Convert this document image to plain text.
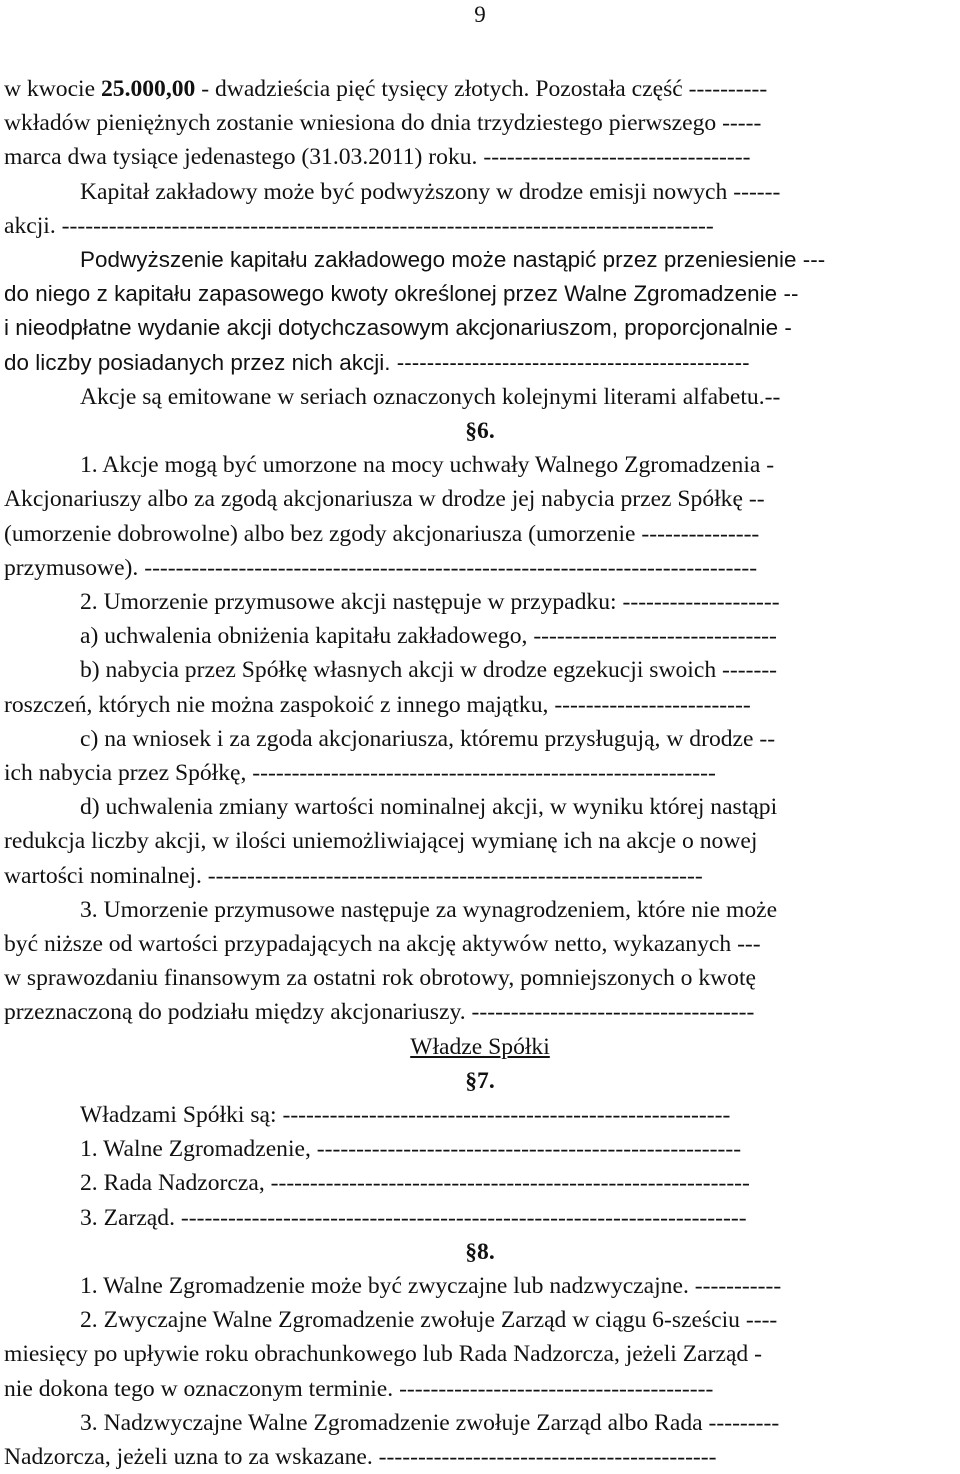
9
w kwocie 25.000,00 - dwadzieścia pięć tysięcy złotych. Pozostała część ----------
wkładów pieniężnych zostanie wniesiona do dnia trzydziestego pierwszego -----
marca dwa tysiące jedenastego (31.03.2011) roku. ----------------------------------
Kapitał zakładowy może być podwyższony w drodze emisji nowych ------
akcji. -----------------------------------------------------------------------------------
Podwyższenie kapitału zakładowego może nastąpić przez przeniesienie ---
do niego z kapitału zapasowego kwoty określonej przez Walne Zgromadzenie --
i nieodpłatne wydanie akcji dotychczasowym akcjonariuszom, proporcjonalnie -
do liczby posiadanych przez nich akcji. -----------------------------------------------
Akcje są emitowane w seriach oznaczonych kolejnymi literami alfabetu.--
§6.
1. Akcje mogą być umorzone na mocy uchwały Walnego Zgromadzenia -
Akcjonariuszy albo za zgodą akcjonariusza w drodze jej nabycia przez Spółkę --
(umorzenie dobrowolne) albo bez zgody akcjonariusza (umorzenie ---------------
przymusowe). ------------------------------------------------------------------------------
2. Umorzenie przymusowe akcji następuje w przypadku: --------------------
a) uchwalenia obniżenia kapitału zakładowego, -------------------------------
b) nabycia przez Spółkę własnych akcji w drodze egzekucji swoich -------
roszczeń, których nie można zaspokoić z innego majątku, -------------------------
c) na wniosek i za zgoda akcjonariusza, któremu przysługują, w drodze --
ich nabycia przez Spółkę, -----------------------------------------------------------
d) uchwalenia zmiany wartości nominalnej akcji, w wyniku której nastąpi
redukcja liczby akcji, w ilości uniemożliwiającej wymianę ich na akcje o nowej
wartości nominalnej. ---------------------------------------------------------------
3. Umorzenie przymusowe następuje za wynagrodzeniem, które nie może
być niższe od wartości przypadających na akcję aktywów netto, wykazanych ---
w sprawozdaniu finansowym za ostatni rok obrotowy, pomniejszonych o kwotę
przeznaczoną do podziału między akcjonariuszy. ------------------------------------
Władze Spółki
§7.
Władzami Spółki są: ---------------------------------------------------------
1. Walne Zgromadzenie, ------------------------------------------------------
2. Rada Nadzorcza, -------------------------------------------------------------
3. Zarząd. ------------------------------------------------------------------------
§8.
1. Walne Zgromadzenie może być zwyczajne lub nadzwyczajne. -----------
2. Zwyczajne Walne Zgromadzenie zwołuje Zarząd w ciągu 6-sześciu ----
miesięcy po upływie roku obrachunkowego lub Rada Nadzorcza, jeżeli Zarząd -
nie dokona tego w oznaczonym terminie. ----------------------------------------
3. Nadzwyczajne Walne Zgromadzenie zwołuje Zarząd albo Rada ---------
Nadzorcza, jeżeli uzna to za wskazane. -------------------------------------------
